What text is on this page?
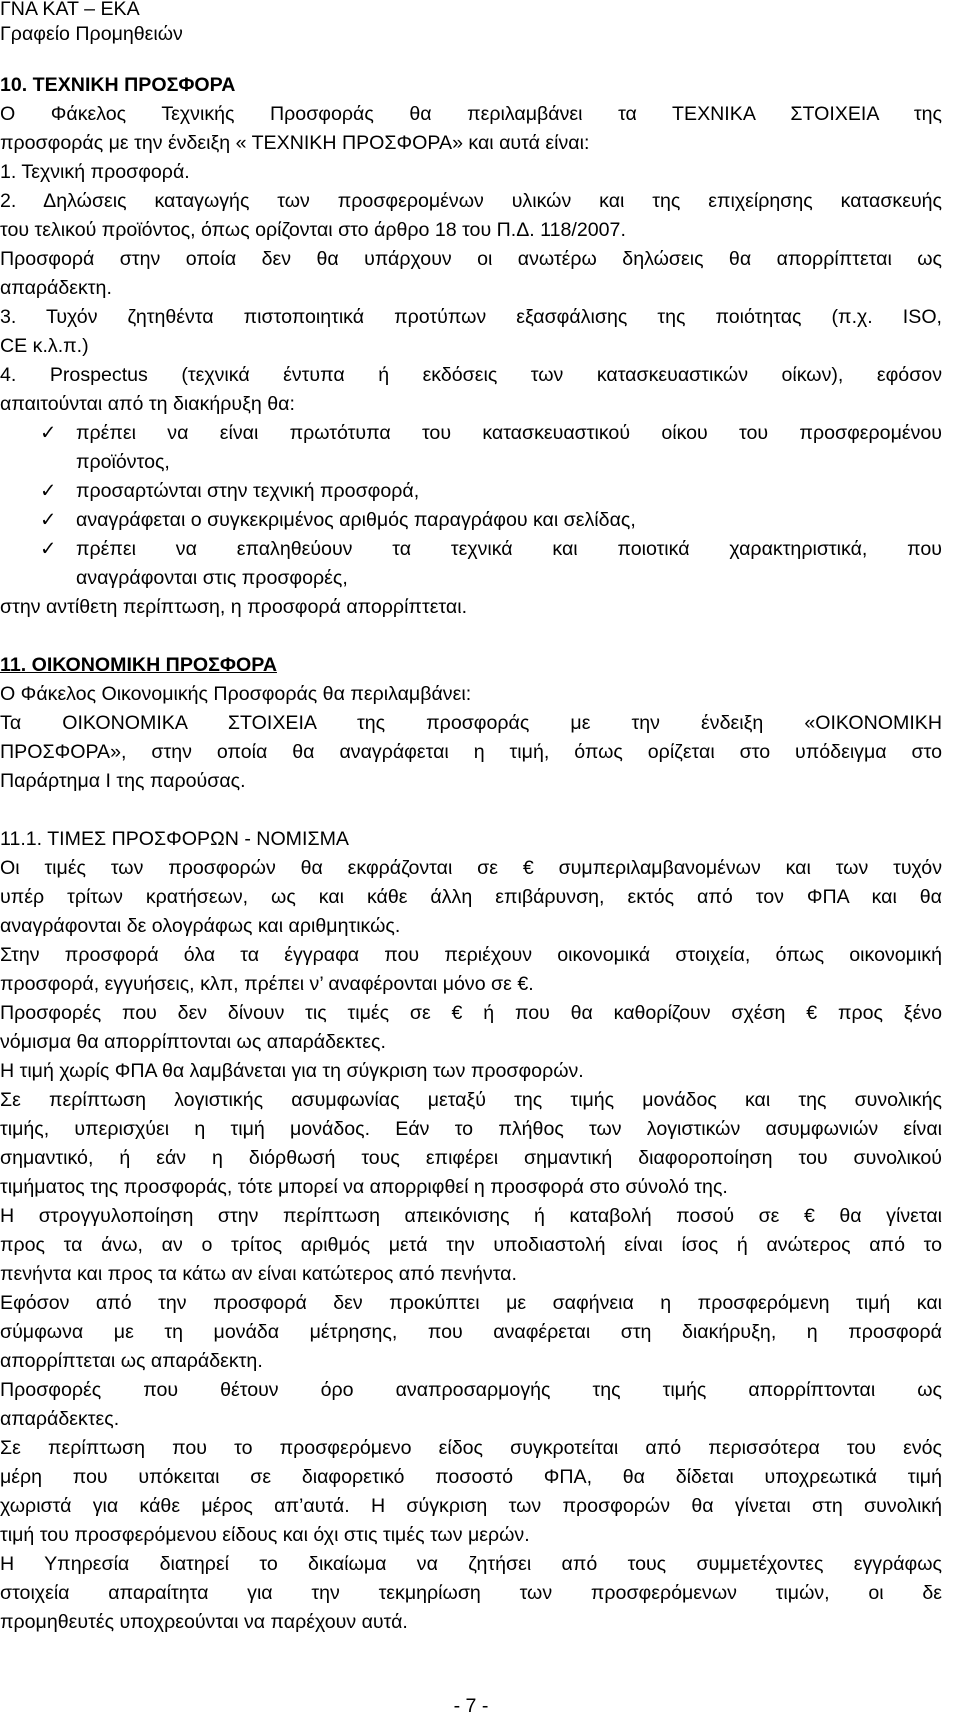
ΓΝΑ ΚΑΤ – ΕΚΑ
Γραφείο Προμηθειών

10. ΤΕΧΝΙΚΗ ΠΡΟΣΦΟΡΑ

Ο Φάκελος Τεχνικής Προσφοράς θα περιλαμβάνει τα ΤΕΧΝΙΚΑ ΣΤΟΙΧΕΙΑ της

προσφοράς με την ένδειξη « ΤΕΧΝΙΚΗ ΠΡΟΣΦΟΡΑ» και αυτά είναι:

1. Τεχνική προσφορά.

2. Δηλώσεις καταγωγής των προσφερομένων υλικών και της επιχείρησης κατασκευής

του τελικού προϊόντος, όπως ορίζονται στο άρθρο 18 του Π.Δ. 118/2007.

Προσφορά στην οποία δεν θα υπάρχουν οι ανωτέρω δηλώσεις θα απορρίπτεται ως

απαράδεκτη.

3. Τυχόν ζητηθέντα πιστοποιητικά προτύπων εξασφάλισης της ποιότητας (π.χ. ISO,

CE κ.λ.π.)

4. Prospectus (τεχνικά έντυπα ή εκδόσεις των κατασκευαστικών οίκων), εφόσον

απαιτούνται από τη διακήρυξη θα:

✓ πρέπει να είναι πρωτότυπα του κατασκευαστικού οίκου του προσφερομένου

προϊόντος,

✓ προσαρτώνται στην τεχνική προσφορά,

✓ αναγράφεται ο συγκεκριμένος αριθμός παραγράφου και σελίδας,

✓ πρέπει να επαληθεύουν τα τεχνικά και ποιοτικά χαρακτηριστικά, που

αναγράφονται στις προσφορές,

στην αντίθετη περίπτωση, η προσφορά απορρίπτεται.

11. ΟΙΚΟΝΟΜΙΚΗ ΠΡΟΣΦΟΡΑ

Ο Φάκελος Οικονομικής Προσφοράς θα περιλαμβάνει:

Τα ΟΙΚΟΝΟΜΙΚΑ ΣΤΟΙΧΕΙΑ της προσφοράς με την ένδειξη «ΟΙΚΟΝΟΜΙΚΗ

ΠΡΟΣΦΟΡΑ», στην οποία θα αναγράφεται η τιμή, όπως ορίζεται στο υπόδειγμα στο

Παράρτημα Ι της παρούσας.

11.1. ΤΙΜΕΣ ΠΡΟΣΦΟΡΩΝ - ΝΟΜΙΣΜΑ

Οι τιμές των προσφορών θα εκφράζονται σε € συμπεριλαμβανομένων και των τυχόν

υπέρ τρίτων κρατήσεων, ως και κάθε άλλη επιβάρυνση, εκτός από τον ΦΠΑ και θα

αναγράφονται δε ολογράφως και αριθμητικώς.

Στην προσφορά όλα τα έγγραφα που περιέχουν οικονομικά στοιχεία, όπως οικονομική

προσφορά, εγγυήσεις, κλπ, πρέπει ν’ αναφέρονται μόνο σε €.

Προσφορές που δεν δίνουν τις τιμές σε € ή που θα καθορίζουν σχέση € προς ξένο

νόμισμα θα απορρίπτονται ως απαράδεκτες.

Η τιμή χωρίς ΦΠΑ θα λαμβάνεται για τη σύγκριση των προσφορών.

Σε περίπτωση λογιστικής ασυμφωνίας μεταξύ της τιμής μονάδος και της συνολικής

τιμής, υπερισχύει η τιμή μονάδος. Εάν το πλήθος των λογιστικών ασυμφωνιών είναι

σημαντικό, ή εάν η διόρθωσή τους επιφέρει σημαντική διαφοροποίηση του συνολικού

τιμήματος της προσφοράς, τότε μπορεί να απορριφθεί η προσφορά στο σύνολό της.

Η στρογγυλοποίηση στην περίπτωση απεικόνισης ή καταβολή ποσού σε € θα γίνεται

προς τα άνω, αν ο τρίτος αριθμός μετά την υποδιαστολή είναι ίσος ή ανώτερος από το

πενήντα και προς τα κάτω αν είναι κατώτερος από πενήντα.

Εφόσον από την προσφορά δεν προκύπτει με σαφήνεια η προσφερόμενη τιμή και

σύμφωνα με τη μονάδα μέτρησης, που αναφέρεται στη διακήρυξη, η προσφορά

απορρίπτεται ως απαράδεκτη.

Προσφορές που θέτουν όρο αναπροσαρμογής της τιμής απορρίπτονται ως

απαράδεκτες.

Σε περίπτωση που το προσφερόμενο είδος συγκροτείται από περισσότερα του ενός

μέρη που υπόκειται σε διαφορετικό ποσοστό ΦΠΑ, θα δίδεται υποχρεωτικά τιμή

χωριστά για κάθε μέρος απ’αυτά. Η σύγκριση των προσφορών θα γίνεται στη συνολική

τιμή του προσφερόμενου είδους και όχι στις τιμές των μερών.

Η Υπηρεσία διατηρεί το δικαίωμα να ζητήσει από τους συμμετέχοντες εγγράφως

στοιχεία απαραίτητα για την τεκμηρίωση των προσφερόμενων τιμών, οι δε

προμηθευτές υποχρεούνται να παρέχουν αυτά.

- 7 -
